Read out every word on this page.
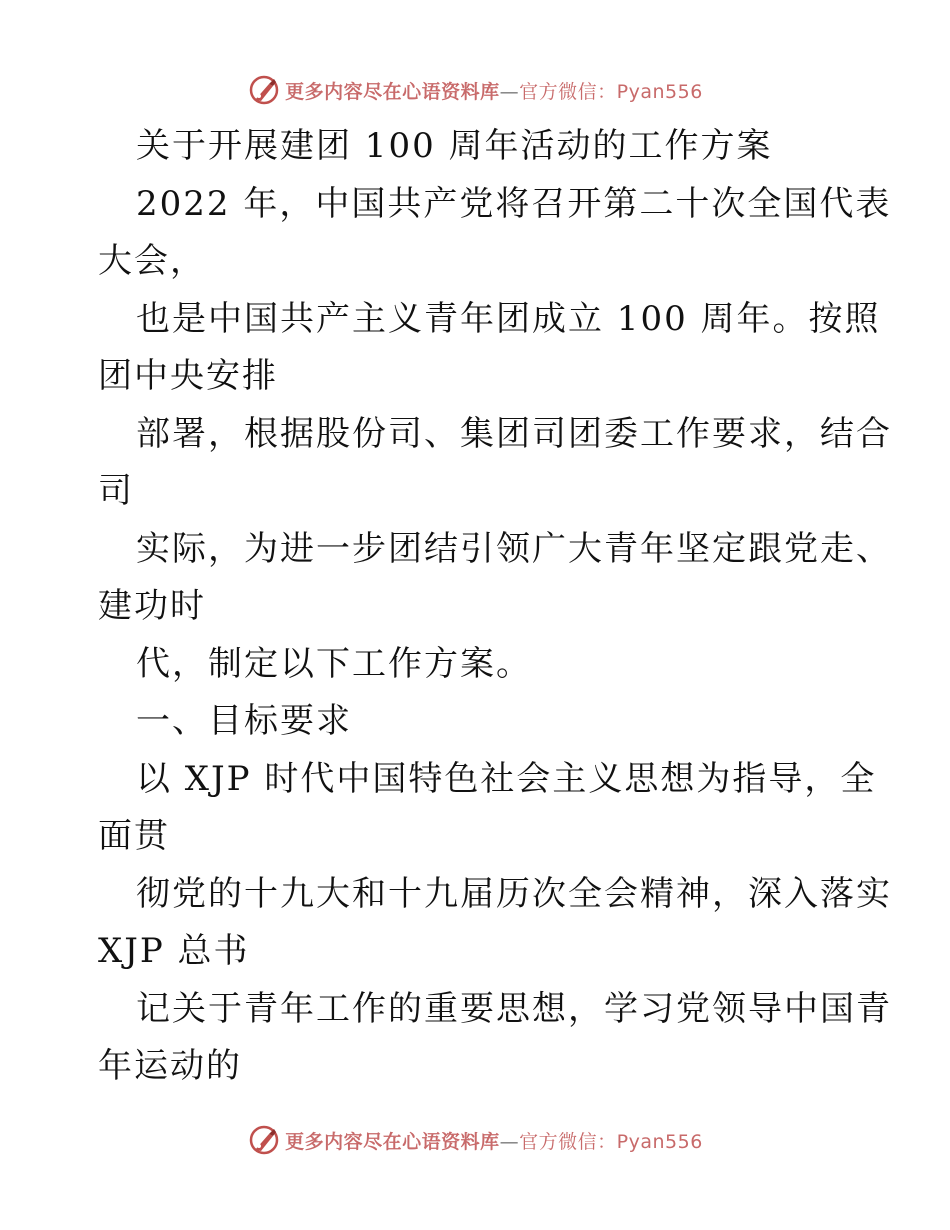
更多内容尽在心语资料库—官方微信：Pyan556
关于开展建团 100 周年活动的工作方案
2022 年，中国共产党将召开第二十次全国代表
大会，
也是中国共产主义青年团成立 100 周年。按照
团中央安排
部署，根据股份司、集团司团委工作要求，结合
司
实际，为进一步团结引领广大青年坚定跟党走、
建功时
代，制定以下工作方案。
一、目标要求
以 XJP 时代中国特色社会主义思想为指导，全
面贯
彻党的十九大和十九届历次全会精神，深入落实
XJP 总书
记关于青年工作的重要思想，学习党领导中国青
年运动的
更多内容尽在心语资料库—官方微信：Pyan556
